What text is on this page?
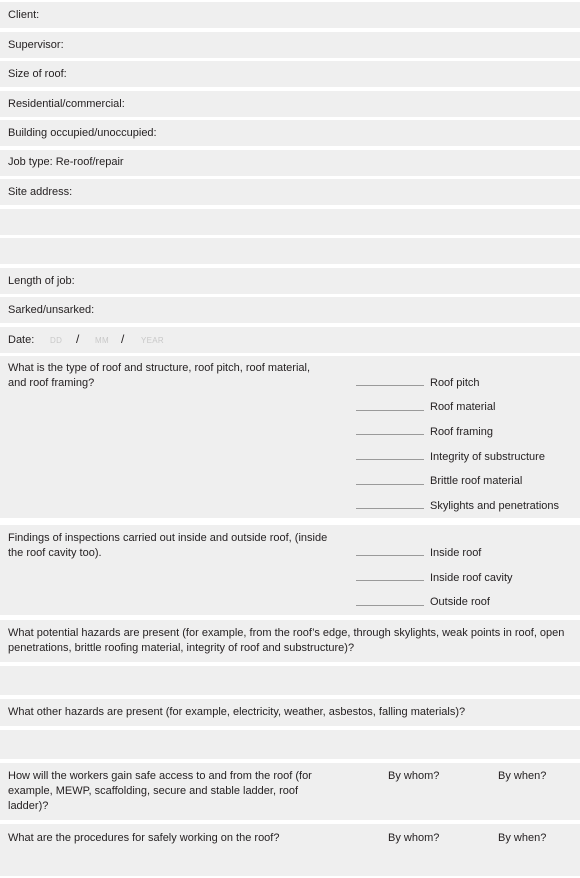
Client:
Supervisor:
Size of roof:
Residential/commercial:
Building occupied/unoccupied:
Job type: Re-roof/repair
Site address:
Length of job:
Sarked/unsarked:
Date: DD / MM / YEAR
What is the type of roof and structure, roof pitch, roof material, and roof framing?	Roof pitch
Roof material
Roof framing
Integrity of substructure
Brittle roof material
Skylights and penetrations
Findings of inspections carried out inside and outside roof, (inside the roof cavity too).	Inside roof
Inside roof cavity
Outside roof
What potential hazards are present (for example, from the roof’s edge, through skylights, weak points in roof, open penetrations, brittle roofing material, integrity of roof and substructure)?
What other hazards are present (for example, electricity, weather, asbestos, falling materials)?
How will the workers gain safe access to and from the roof (for example, MEWP, scaffolding, secure and stable ladder, roof ladder)?
By whom?	By when?
What are the procedures for safely working on the roof?	By whom?	By when?
